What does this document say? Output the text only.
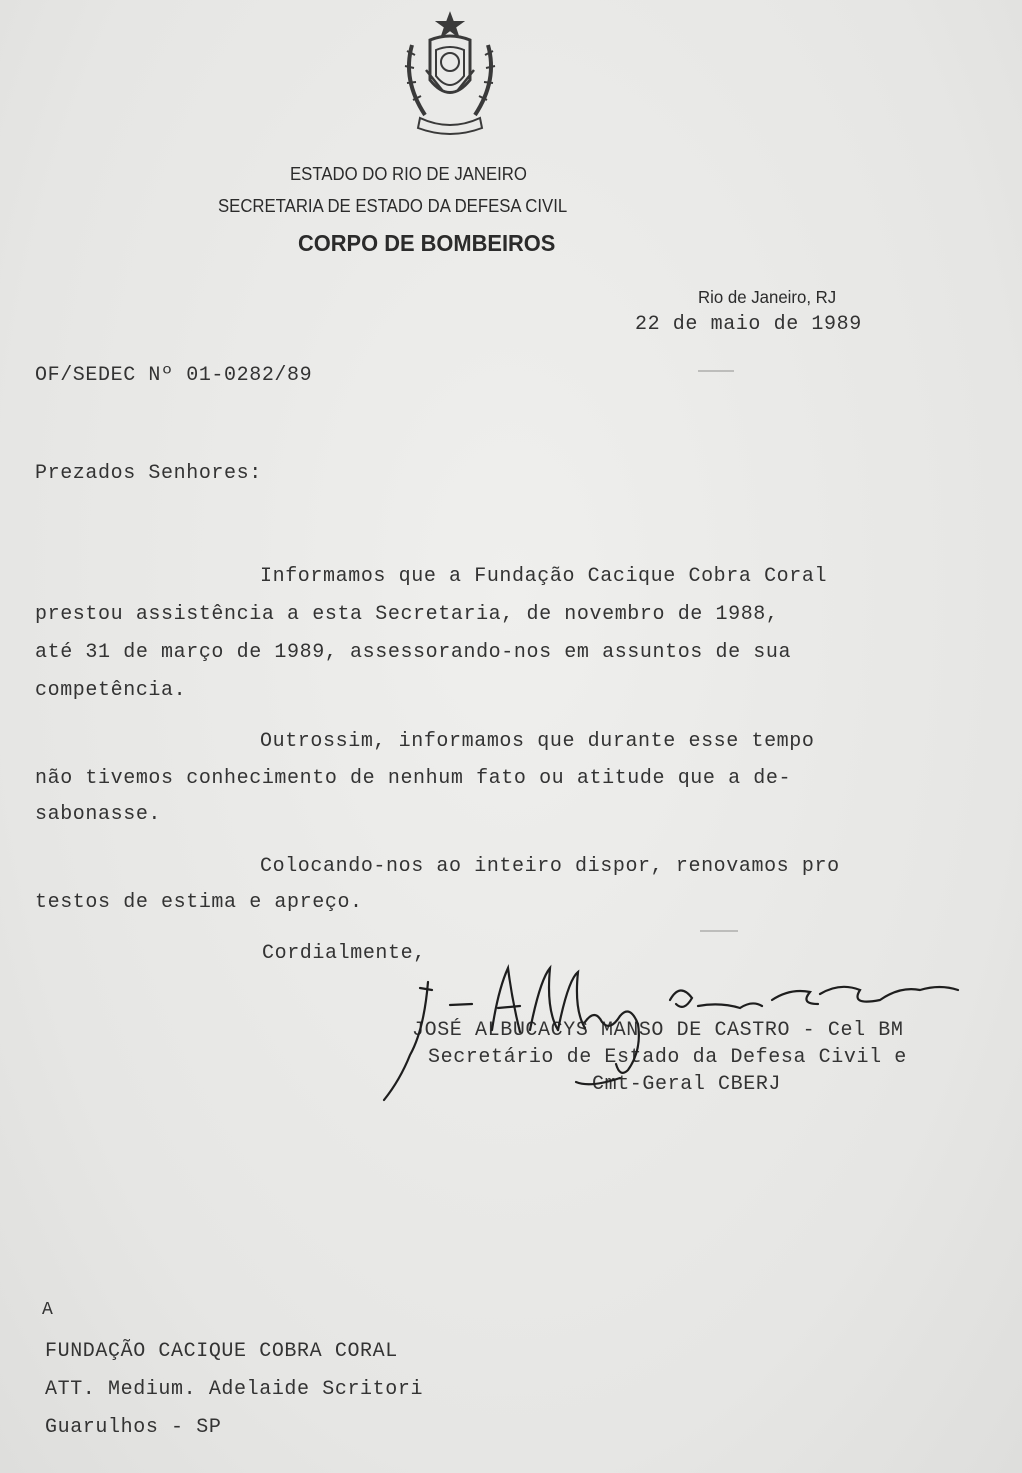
ESTADO DO RIO DE JANEIRO
SECRETARIA DE ESTADO DA DEFESA CIVIL
CORPO DE BOMBEIROS
Rio de Janeiro, RJ
22 de maio de 1989
OF/SEDEC Nº 01-0282/89
Prezados Senhores:
Informamos que a Fundação Cacique Cobra Coral
prestou assistência a esta Secretaria, de novembro de 1988,
até 31 de março de 1989, assessorando-nos em assuntos de sua
competência.
Outrossim, informamos que durante esse tempo
não tivemos conhecimento de nenhum fato ou atitude que a de-
sabonasse.
Colocando-nos ao inteiro dispor, renovamos pro
testos de estima e apreço.
Cordialmente,
JOSÉ ALBUCACYS MANSO DE CASTRO - Cel BM
Secretário de Estado da Defesa Civil e
Cmt-Geral CBERJ
A
FUNDAÇÃO CACIQUE COBRA CORAL
ATT. Medium. Adelaide Scritori
Guarulhos - SP
